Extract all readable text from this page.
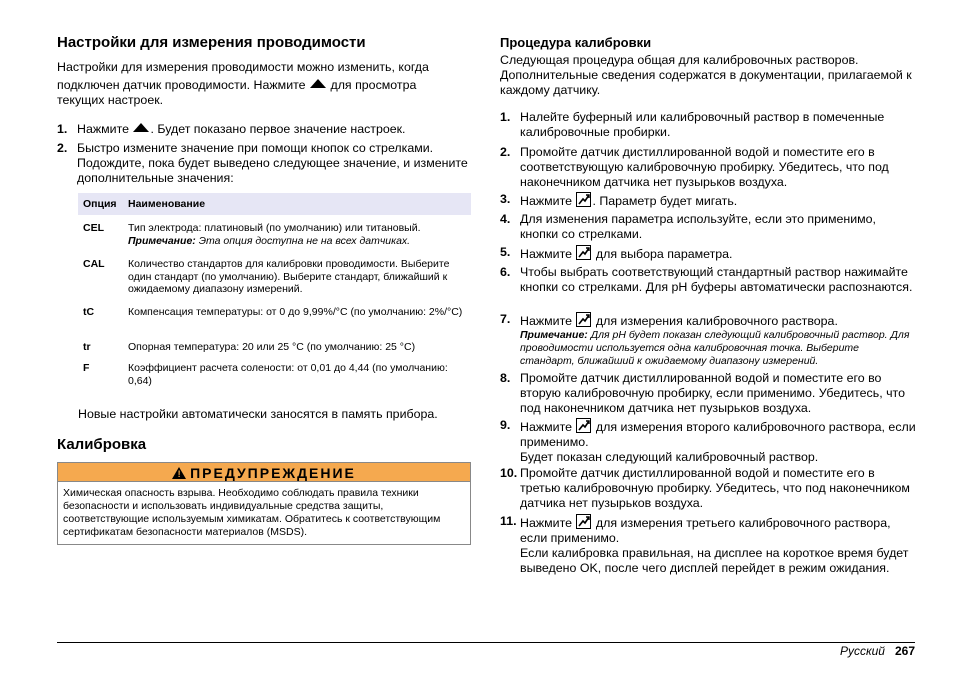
Настройки для измерения проводимости
Настройки для измерения проводимости можно изменить, когда
подключен датчик проводимости. Нажмите для просмотра
текущих настроек.
1. Нажмите . Будет показано первое значение настроек.
2. Быстро измените значение при помощи кнопок со стрелками. Подождите, пока будет выведено следующее значение, и измените дополнительные значения:
Опция	Наименование

CEL	Тип электрода: платиновый (по умолчанию) или титановый.
Примечание: Эта опция доступна не на всех датчиках.

CAL	Количество стандартов для калибровки проводимости. Выберите один стандарт (по умолчанию). Выберите стандарт, ближайший к ожидаемому диапазону измерений.
tC	Компенсация температуры: от 0 до 9,99%/°C (по умолчанию: 2%/°C)
tr	Опорная температура: 20 или 25 °C (по умолчанию: 25 °C)
F	Коэффициент расчета солености: от 0,01 до 4,44 (по умолчанию: 0,64)
Новые настройки автоматически заносятся в память прибора.
Калибровка
! ПРЕДУПРЕЖДЕНИЕ
Химическая опасность взрыва. Необходимо соблюдать правила техники безопасности и использовать индивидуальные средства защиты, соответствующие используемым химикатам. Обратитесь к соответствующим сертификатам безопасности материалов (MSDS).
Процедура калибровки
Следующая процедура общая для калибровочных растворов. Дополнительные сведения содержатся в документации, прилагаемой к каждому датчику.
1. Налейте буферный или калибровочный раствор в помеченные калибровочные пробирки.
2. Промойте датчик дистиллированной водой и поместите его в соответствующую калибровочную пробирку. Убедитесь, что под наконечником датчика нет пузырьков воздуха.
3. Нажмите . Параметр будет мигать.
4. Для изменения параметра используйте, если это применимо, кнопки со стрелками.
5. Нажмите для выбора параметра.
6. Чтобы выбрать соответствующий стандартный раствор нажимайте кнопки со стрелками. Для pH буферы автоматически распознаются.
7. Нажмите для измерения калибровочного раствора.
Примечание: Для pH будет показан следующий калибровочный раствор. Для проводимости используется одна калибровочная точка. Выберите стандарт, ближайший к ожидаемому диапазону измерений.
8. Промойте датчик дистиллированной водой и поместите его во вторую калибровочную пробирку, если применимо. Убедитесь, что под наконечником датчика нет пузырьков воздуха.
9. Нажмите для измерения второго калибровочного раствора, если применимо.
Будет показан следующий калибровочный раствор.
10. Промойте датчик дистиллированной водой и поместите его в третью калибровочную пробирку. Убедитесь, что под наконечником датчика нет пузырьков воздуха.
11. Нажмите для измерения третьего калибровочного раствора, если применимо.
Если калибровка правильная, на дисплее на короткое время будет выведено OK, после чего дисплей перейдет в режим ожидания.
Русский 267
